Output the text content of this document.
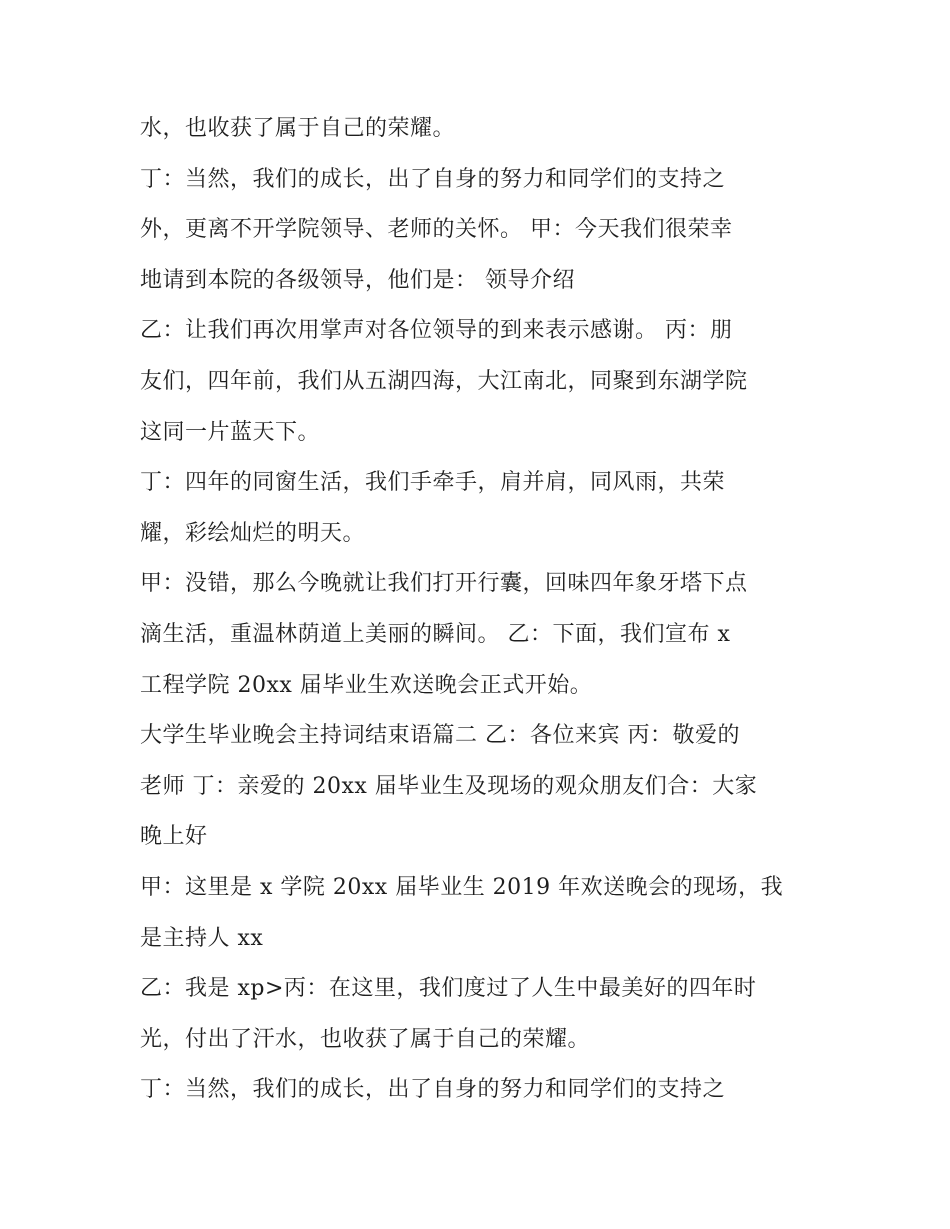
水，也收获了属于自己的荣耀。
丁：当然，我们的成长，出了自身的努力和同学们的支持之
外，更离不开学院领导、老师的关怀。 甲：今天我们很荣幸
地请到本院的各级领导，他们是： 领导介绍
乙：让我们再次用掌声对各位领导的到来表示感谢。 丙：朋
友们，四年前，我们从五湖四海，大江南北，同聚到东湖学院
这同一片蓝天下。
丁：四年的同窗生活，我们手牵手，肩并肩，同风雨，共荣
耀，彩绘灿烂的明天。
甲：没错，那么今晚就让我们打开行囊，回味四年象牙塔下点
滴生活，重温林荫道上美丽的瞬间。 乙：下面，我们宣布 x
工程学院 20xx 届毕业生欢送晚会正式开始。
大学生毕业晚会主持词结束语篇二 乙：各位来宾 丙：敬爱的
老师 丁：亲爱的 20xx 届毕业生及现场的观众朋友们合：大家
晚上好
甲：这里是 x 学院 20xx 届毕业生 2019 年欢送晚会的现场，我
是主持人 xx
乙：我是 xp>丙：在这里，我们度过了人生中最美好的四年时
光，付出了汗水，也收获了属于自己的荣耀。
丁：当然，我们的成长，出了自身的努力和同学们的支持之
